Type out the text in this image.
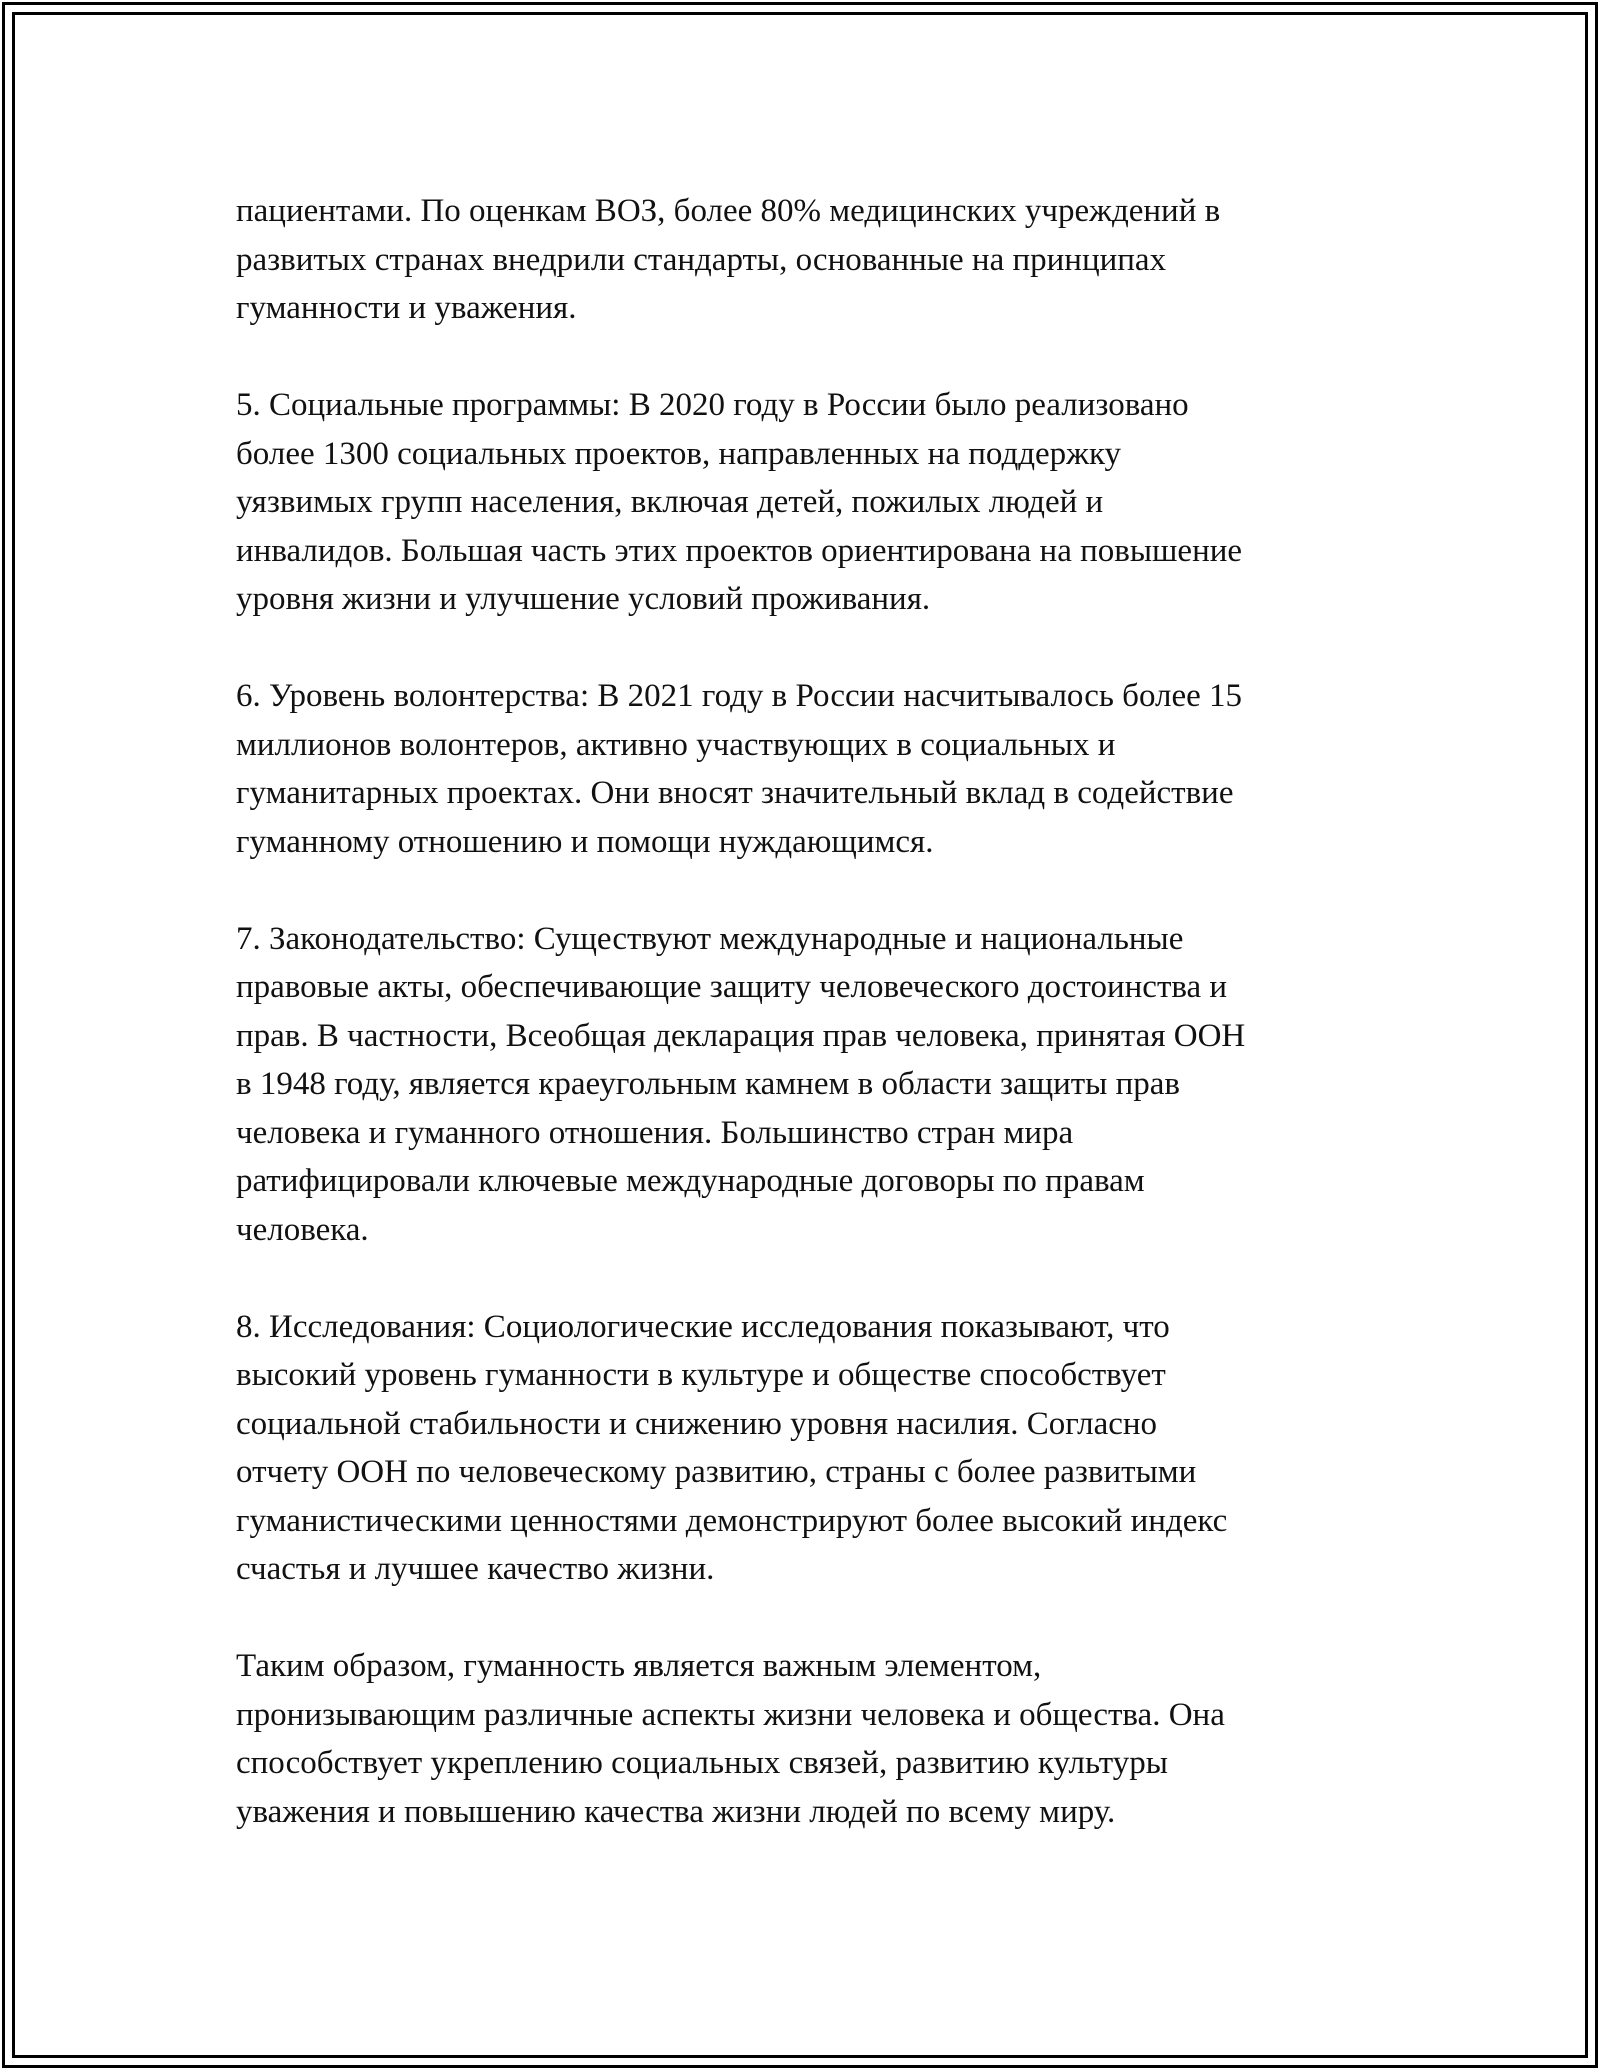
пациентами. По оценкам ВОЗ, более 80% медицинских учреждений в
развитых странах внедрили стандарты, основанные на принципах
гуманности и уважения.

5. Социальные программы: В 2020 году в России было реализовано
более 1300 социальных проектов, направленных на поддержку
уязвимых групп населения, включая детей, пожилых людей и
инвалидов. Большая часть этих проектов ориентирована на повышение
уровня жизни и улучшение условий проживания.

6. Уровень волонтерства: В 2021 году в России насчитывалось более 15
миллионов волонтеров, активно участвующих в социальных и
гуманитарных проектах. Они вносят значительный вклад в содействие
гуманному отношению и помощи нуждающимся.

7. Законодательство: Существуют международные и национальные
правовые акты, обеспечивающие защиту человеческого достоинства и
прав. В частности, Всеобщая декларация прав человека, принятая ООН
в 1948 году, является краеугольным камнем в области защиты прав
человека и гуманного отношения. Большинство стран мира
ратифицировали ключевые международные договоры по правам
человека.

8. Исследования: Социологические исследования показывают, что
высокий уровень гуманности в культуре и обществе способствует
социальной стабильности и снижению уровня насилия. Согласно
отчету ООН по человеческому развитию, страны с более развитыми
гуманистическими ценностями демонстрируют более высокий индекс
счастья и лучшее качество жизни.

Таким образом, гуманность является важным элементом,
пронизывающим различные аспекты жизни человека и общества. Она
способствует укреплению социальных связей, развитию культуры
уважения и повышению качества жизни людей по всему миру.
